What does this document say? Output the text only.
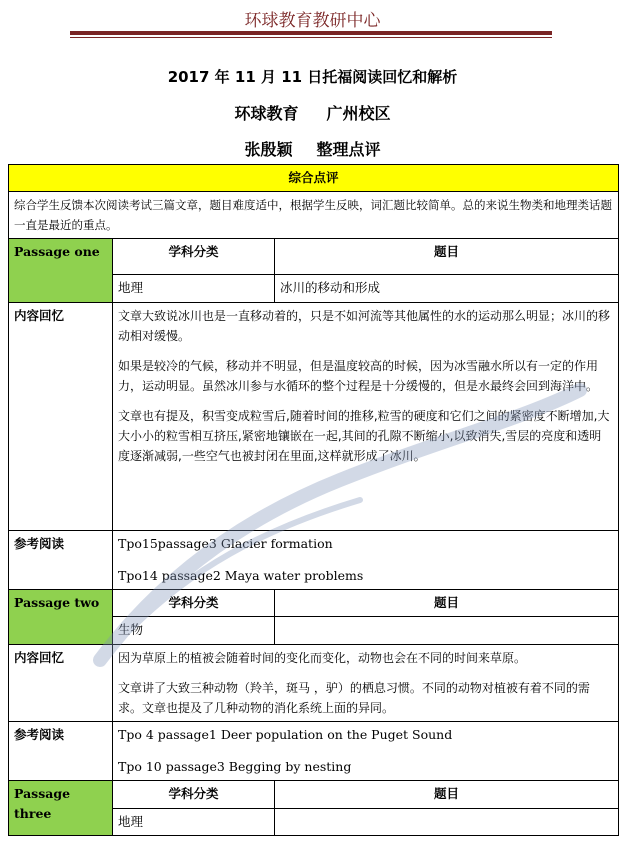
环球教育教研中心
2017 年 11 月 11 日托福阅读回忆和解析
环球教育 广州校区
张殷颖 整理点评
综合点评		
综合学生反馈本次阅读考试三篇文章，题目难度适中，根据学生反映，词汇题比较简单。总的来说生物类和地理类话题一直是最近的重点。		
Passage one	学科分类	题目
	地理	冰川的移动和形成
内容回忆	文章大致说冰川也是一直移动着的，只是不如河流等其他属性的水的运动那么明显；冰川的移动相对缓慢。

如果是较冷的气候，移动并不明显，但是温度较高的时候，因为冰雪融水所以有一定的作用力，运动明显。虽然冰川参与水循环的整个过程是十分缓慢的，但是水最终会回到海洋中。

文章也有提及，积雪变成粒雪后,随着时间的推移,粒雪的硬度和它们之间的紧密度不断增加,大大小小的粒雪相互挤压,紧密地镶嵌在一起,其间的孔隙不断缩小,以致消失,雪层的亮度和透明度逐渐减弱,一些空气也被封闭在里面,这样就形成了冰川。	

参考阅读	Tpo15passage3 Glacier formation

Tpo14 passage2 Maya water problems	

Passage two	学科分类	题目
	生物	
内容回忆	因为草原上的植被会随着时间的变化而变化，动物也会在不同的时间来草原。

文章讲了大致三种动物（羚羊，斑马 ，驴）的栖息习惯。不同的动物对植被有着不同的需求。文章也提及了几种动物的消化系统上面的异同。	

参考阅读	Tpo 4 passage1 Deer population on the Puget Sound

Tpo 10 passage3 Begging by nesting	

Passage three	学科分类	题目
	地理	
